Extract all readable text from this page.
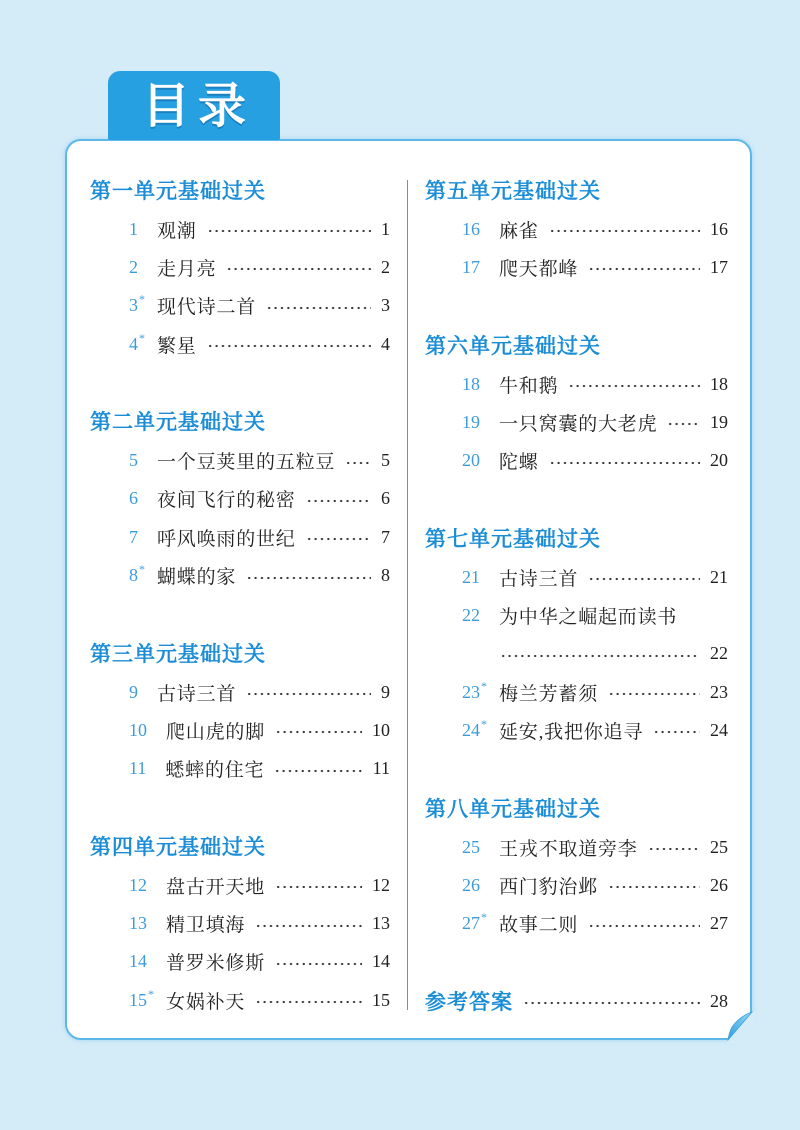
目录
第一单元基础过关
1 观潮	1
2 走月亮	2
3 * 现代诗二首	3
4 * 繁星	4
第二单元基础过关
5 一个豆荚里的五粒豆	5
6 夜间飞行的秘密	6
7 呼风唤雨的世纪	7
8 * 蝴蝶的家	8
第三单元基础过关
9 古诗三首	9
10 爬山虎的脚	10
11 蟋蟀的住宅	11
第四单元基础过关
12 盘古开天地	12
13 精卫填海	13
14 普罗米修斯	14
15 * 女娲补天	15
第五单元基础过关
16 麻雀	16
17 爬天都峰	17
第六单元基础过关
18 牛和鹅	18
19 一只窝囊的大老虎	19
20 陀螺	20
第七单元基础过关
21 古诗三首	21
22 为中华之崛起而读书
22
23 * 梅兰芳蓄须	23
24 * 延安,我把你追寻	24
第八单元基础过关
25 王戎不取道旁李	25
26 西门豹治邺	26
27 * 故事二则	27
参考答案	28
